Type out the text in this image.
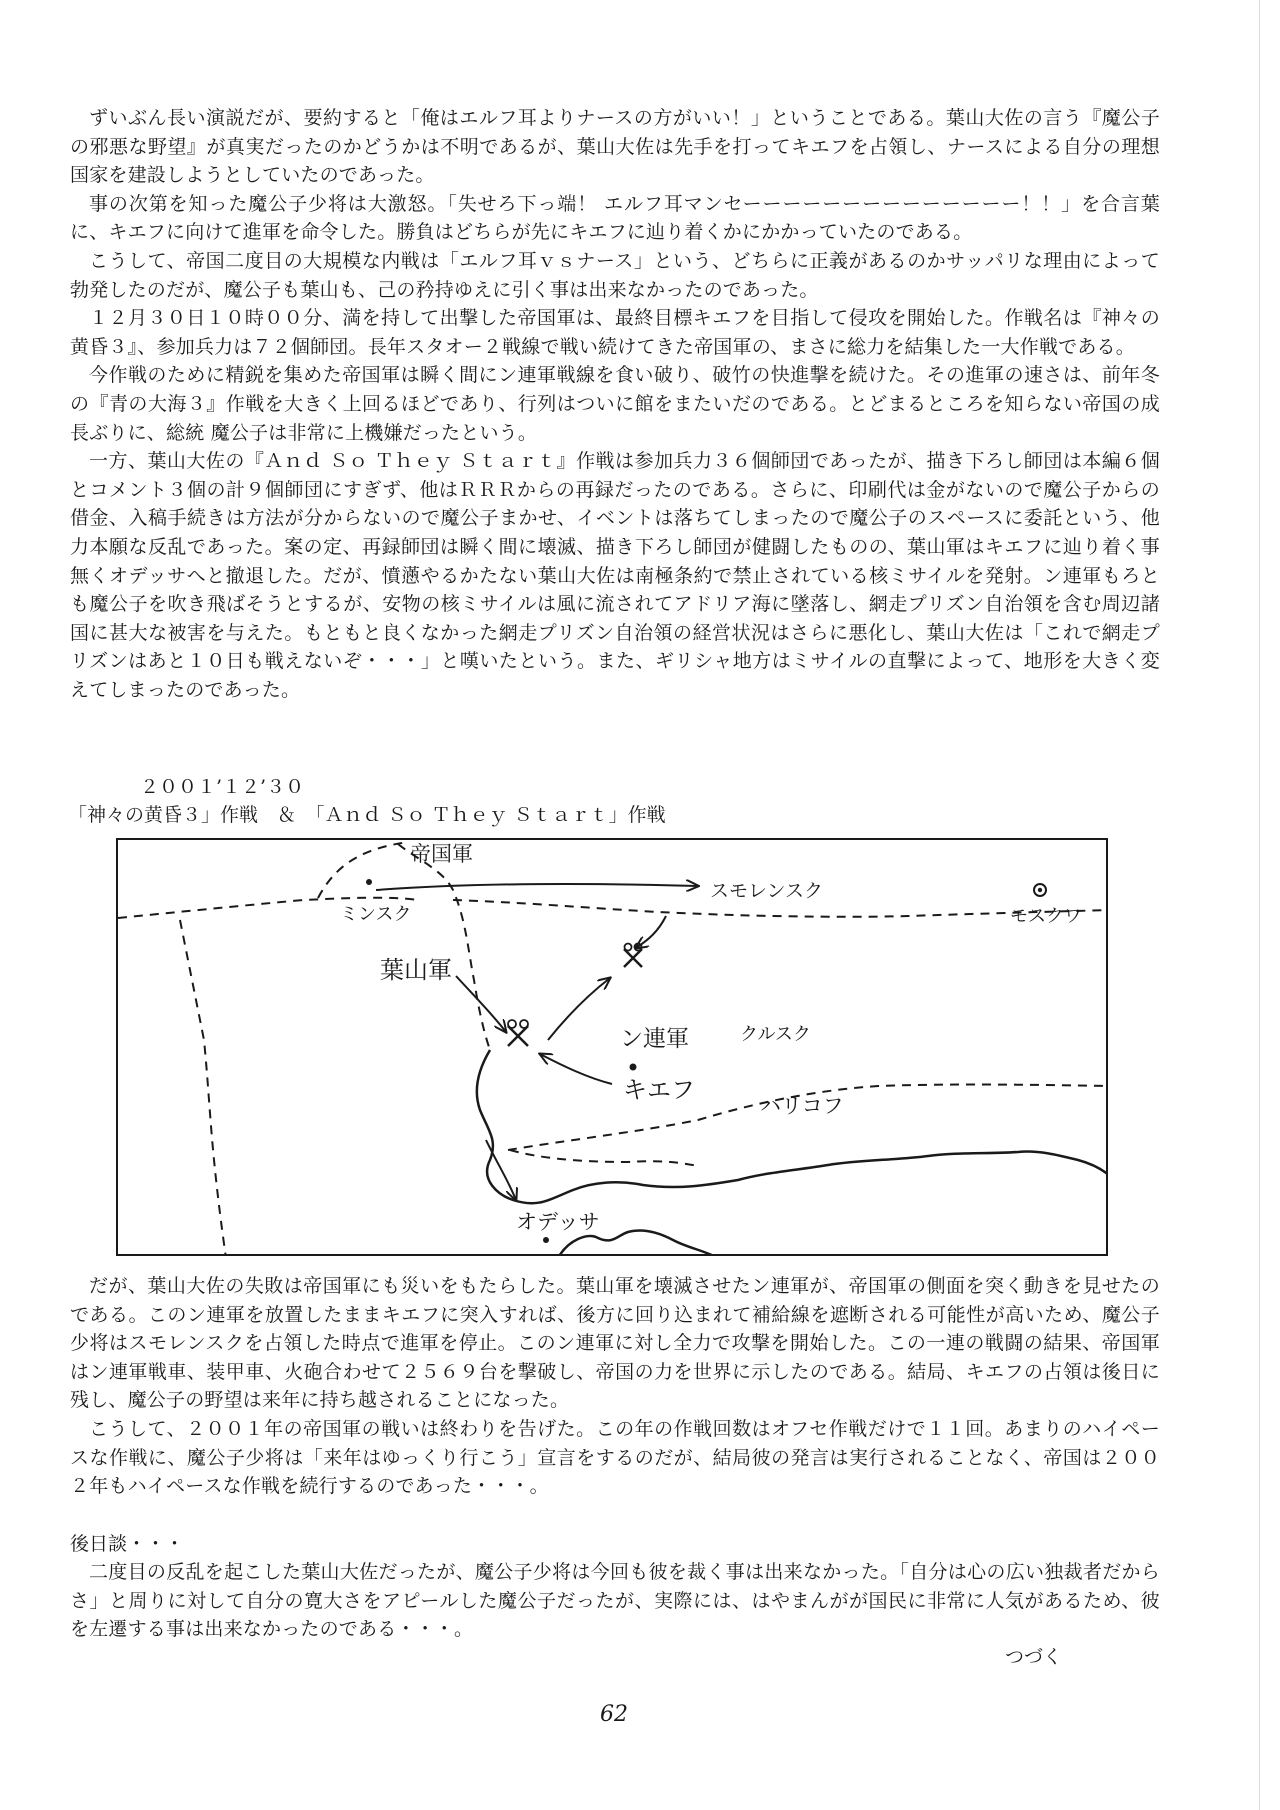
ずいぶん長い演説だが、要約すると「俺はエルフ耳よりナースの方がいい！」ということである。葉山大佐の言う『魔公子の邪悪な野望』が真実だったのかどうかは不明であるが、葉山大佐は先手を打ってキエフを占領し、ナースによる自分の理想国家を建設しようとしていたのであった。

事の次第を知った魔公子少将は大激怒。「失せろ下っ端！ エルフ耳マンセーーーーーーーーーーーーーー！！」を合言葉に、キエフに向けて進軍を命令した。勝負はどちらが先にキエフに辿り着くかにかかっていたのである。

こうして、帝国二度目の大規模な内戦は「エルフ耳ｖｓナース」という、どちらに正義があるのかサッパリな理由によって勃発したのだが、魔公子も葉山も、己の矜持ゆえに引く事は出来なかったのであった。

１２月３０日１０時００分、満を持して出撃した帝国軍は、最終目標キエフを目指して侵攻を開始した。作戦名は『神々の黄昏３』、参加兵力は７２個師団。長年スタオー２戦線で戦い続けてきた帝国軍の、まさに総力を結集した一大作戦である。

今作戦のために精鋭を集めた帝国軍は瞬く間にン連軍戦線を食い破り、破竹の快進撃を続けた。その進軍の速さは、前年冬の『青の大海３』作戦を大きく上回るほどであり、行列はついに館をまたいだのである。とどまるところを知らない帝国の成長ぶりに、総統 魔公子は非常に上機嫌だったという。

一方、葉山大佐の『Ａｎｄ Ｓｏ Ｔｈｅｙ Ｓｔａｒｔ』作戦は参加兵力３６個師団であったが、描き下ろし師団は本編６個とコメント３個の計９個師団にすぎず、他はＲＲＲからの再録だったのである。さらに、印刷代は金がないので魔公子からの借金、入稿手続きは方法が分からないので魔公子まかせ、イベントは落ちてしまったので魔公子のスペースに委託という、他力本願な反乱であった。案の定、再録師団は瞬く間に壊滅、描き下ろし師団が健闘したものの、葉山軍はキエフに辿り着く事無くオデッサへと撤退した。だが、憤懣やるかたない葉山大佐は南極条約で禁止されている核ミサイルを発射。ン連軍もろとも魔公子を吹き飛ばそうとするが、安物の核ミサイルは風に流されてアドリア海に墜落し、網走プリズン自治領を含む周辺諸国に甚大な被害を与えた。もともと良くなかった網走プリズン自治領の経営状況はさらに悪化し、葉山大佐は「これで網走プリズンはあと１０日も戦えないぞ・・・」と嘆いたという。また、ギリシャ地方はミサイルの直撃によって、地形を大きく変えてしまったのであった。

２００１’１２’３０
「神々の黄昏３」作戦　＆　「Ａｎｄ Ｓｏ Ｔｈｅｙ Ｓｔａｒｔ」作戦
帝国軍
ミンスク
スモレンスク
モスクワ
葉山軍
ン連軍	クルスク
キエフ
ハリコフ
オデッサ

だが、葉山大佐の失敗は帝国軍にも災いをもたらした。葉山軍を壊滅させたン連軍が、帝国軍の側面を突く動きを見せたのである。このン連軍を放置したままキエフに突入すれば、後方に回り込まれて補給線を遮断される可能性が高いため、魔公子少将はスモレンスクを占領した時点で進軍を停止。このン連軍に対し全力で攻撃を開始した。この一連の戦闘の結果、帝国軍はン連軍戦車、装甲車、火砲合わせて２５６９台を撃破し、帝国の力を世界に示したのである。結局、キエフの占領は後日に残し、魔公子の野望は来年に持ち越されることになった。

こうして、２００１年の帝国軍の戦いは終わりを告げた。この年の作戦回数はオフセ作戦だけで１１回。あまりのハイペースな作戦に、魔公子少将は「来年はゆっくり行こう」宣言をするのだが、結局彼の発言は実行されることなく、帝国は２００２年もハイペースな作戦を続行するのであった・・・。

後日談・・・

二度目の反乱を起こした葉山大佐だったが、魔公子少将は今回も彼を裁く事は出来なかった。「自分は心の広い独裁者だからさ」と周りに対して自分の寛大さをアピールした魔公子だったが、実際には、はやまんがが国民に非常に人気があるため、彼を左遷する事は出来なかったのである・・・。

つづく
62
